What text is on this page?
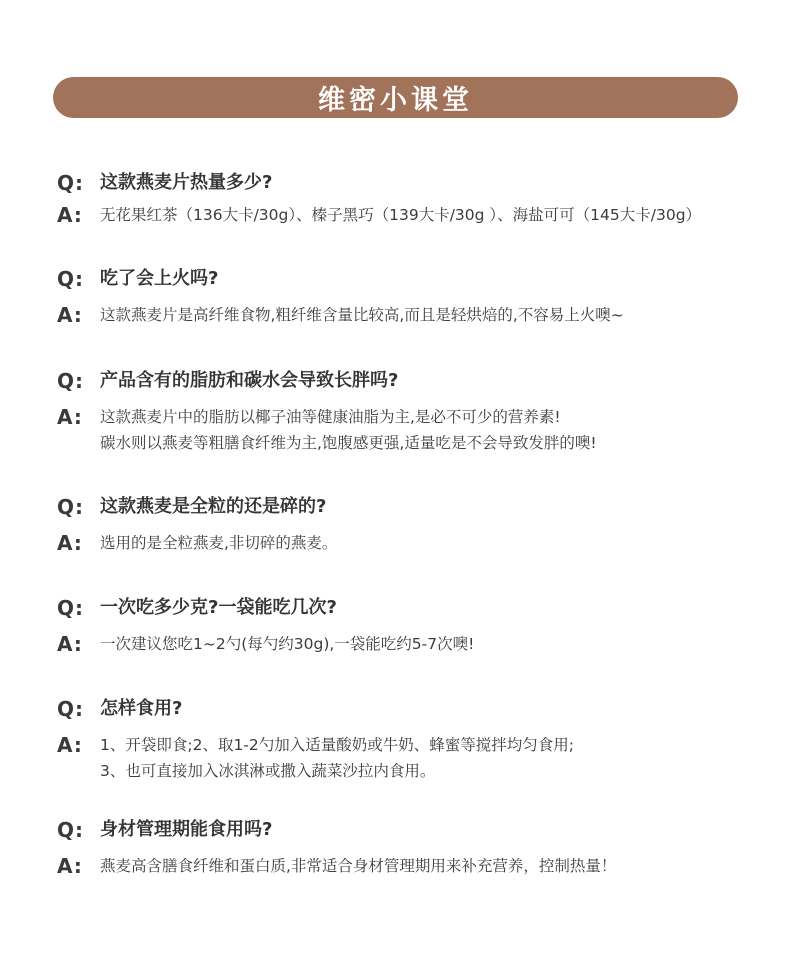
维密小课堂
Q: 这款燕麦片热量多少?
A:	无花果红茶（136大卡/30g）、榛子黑巧（139大卡/30g ）、海盐可可（145大卡/30g）
Q: 吃了会上火吗?
A:	这款燕麦片是高纤维食物,粗纤维含量比较高,而且是轻烘焙的,不容易上火噢~
Q: 产品含有的脂肪和碳水会导致长胖吗?
A:	这款燕麦片中的脂肪以椰子油等健康油脂为主,是必不可少的营养素!
碳水则以燕麦等粗膳食纤维为主,饱腹感更强,适量吃是不会导致发胖的噢!
Q: 这款燕麦是全粒的还是碎的?
A:	选用的是全粒燕麦,非切碎的燕麦。
Q: 一次吃多少克?一袋能吃几次?
A:	一次建议您吃1~2勺(每勺约30g),一袋能吃约5-7次噢!
Q: 怎样食用?
A:	1、开袋即食;2、取1-2勺加入适量酸奶或牛奶、蜂蜜等搅拌均匀食用;
3、也可直接加入冰淇淋或撒入蔬菜沙拉内食用。
Q: 身材管理期能食用吗?
A:	燕麦高含膳食纤维和蛋白质,非常适合身材管理期用来补充营养，控制热量！
